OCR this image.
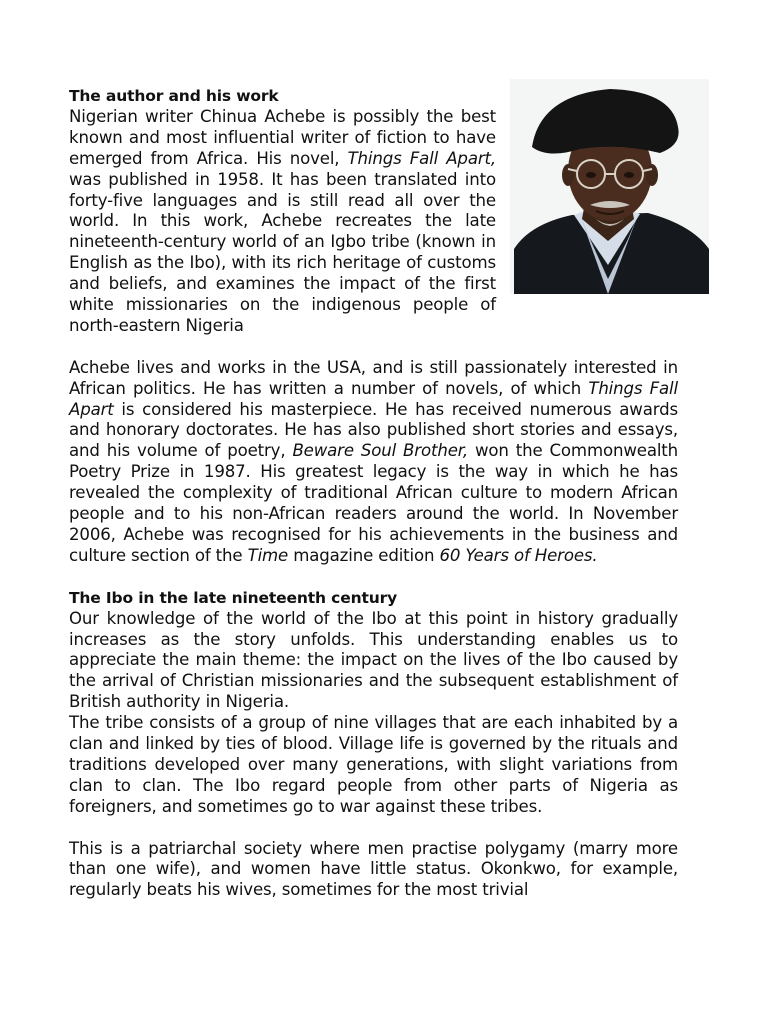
The author and his work

Nigerian writer Chinua Achebe is possibly the best known and most influential writer of fiction to have emerged from Africa. His novel, Things Fall Apart, was published in 1958. It has been translated into forty-five languages and is still read all over the world. In this work, Achebe recreates the late nineteenth-century world of an Igbo tribe (known in English as the Ibo), with its rich heritage of customs and beliefs, and examines the impact of the first white missionaries on the indigenous people of north-eastern Nigeria

Achebe lives and works in the USA, and is still passionately interested in African politics. He has written a number of novels, of which Things Fall Apart is considered his masterpiece. He has received numerous awards and honorary doctorates. He has also published short stories and essays, and his volume of poetry, Beware Soul Brother, won the Commonwealth Poetry Prize in 1987. His greatest legacy is the way in which he has revealed the complexity of traditional African culture to modern African people and to his non-African readers around the world. In November 2006, Achebe was recognised for his achievements in the business and culture section of the Time magazine edition 60 Years of Heroes.

The Ibo in the late nineteenth century

Our knowledge of the world of the Ibo at this point in history gradually increases as the story unfolds. This understanding enables us to appreciate the main theme: the impact on the lives of the Ibo caused by the arrival of Christian missionaries and the subsequent establishment of British authority in Nigeria.

The tribe consists of a group of nine villages that are each inhabited by a clan and linked by ties of blood. Village life is governed by the rituals and traditions developed over many generations, with slight variations from clan to clan. The Ibo regard people from other parts of Nigeria as foreigners, and sometimes go to war against these tribes.

This is a patriarchal society where men practise polygamy (marry more than one wife), and women have little status. Okonkwo, for example, regularly beats his wives, sometimes for the most trivial
